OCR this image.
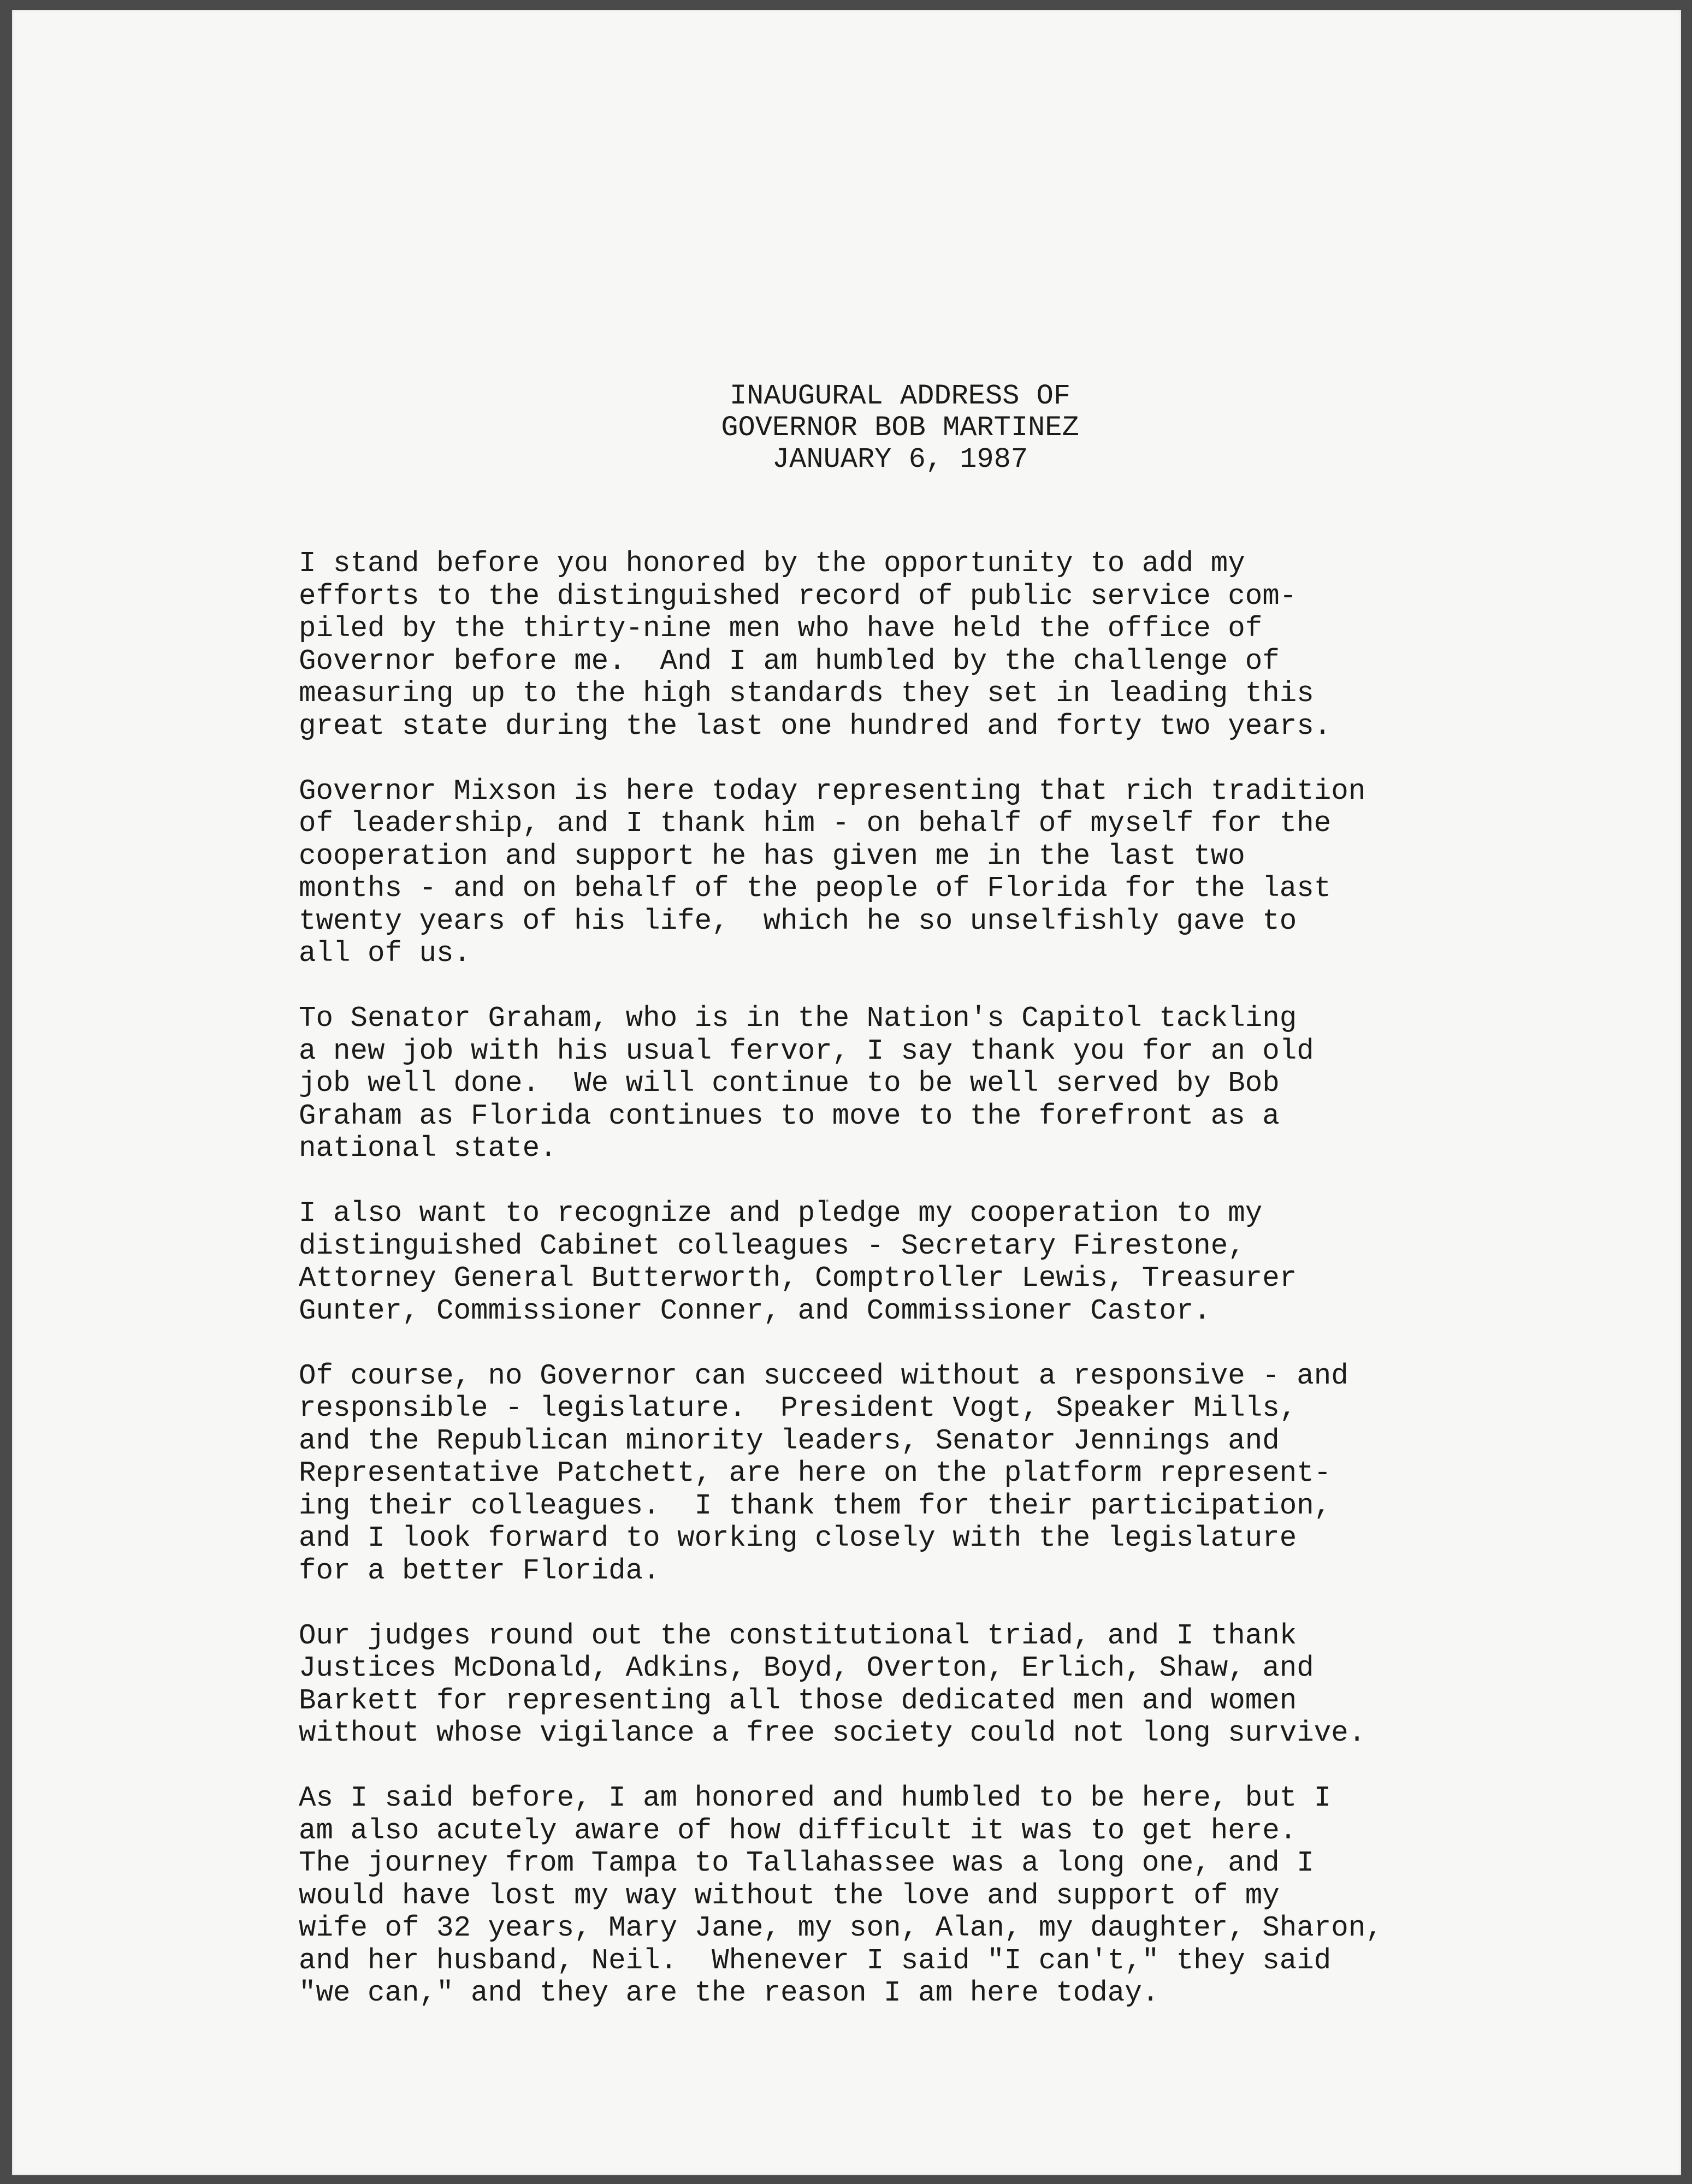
INAUGURAL ADDRESS OF
GOVERNOR BOB MARTINEZ
JANUARY 6, 1987
I stand before you honored by the opportunity to add my
efforts to the distinguished record of public service com-
piled by the thirty-nine men who have held the office of
Governor before me.  And I am humbled by the challenge of
measuring up to the high standards they set in leading this
great state during the last one hundred and forty two years.
Governor Mixson is here today representing that rich tradition
of leadership, and I thank him - on behalf of myself for the
cooperation and support he has given me in the last two
months - and on behalf of the people of Florida for the last
twenty years of his life,  which he so unselfishly gave to
all of us.
To Senator Graham, who is in the Nation's Capitol tackling
a new job with his usual fervor, I say thank you for an old
job well done.  We will continue to be well served by Bob
Graham as Florida continues to move to the forefront as a
national state.
I also want to recognize and pledge my cooperation to my
distinguished Cabinet colleagues - Secretary Firestone,
Attorney General Butterworth, Comptroller Lewis, Treasurer
Gunter, Commissioner Conner, and Commissioner Castor.
Of course, no Governor can succeed without a responsive - and
responsible - legislature.  President Vogt, Speaker Mills,
and the Republican minority leaders, Senator Jennings and
Representative Patchett, are here on the platform represent-
ing their colleagues.  I thank them for their participation,
and I look forward to working closely with the legislature
for a better Florida.
Our judges round out the constitutional triad, and I thank
Justices McDonald, Adkins, Boyd, Overton, Erlich, Shaw, and
Barkett for representing all those dedicated men and women
without whose vigilance a free society could not long survive.
As I said before, I am honored and humbled to be here, but I
am also acutely aware of how difficult it was to get here.
The journey from Tampa to Tallahassee was a long one, and I
would have lost my way without the love and support of my
wife of 32 years, Mary Jane, my son, Alan, my daughter, Sharon,
and her husband, Neil.  Whenever I said "I can't," they said
"we can," and they are the reason I am here today.
